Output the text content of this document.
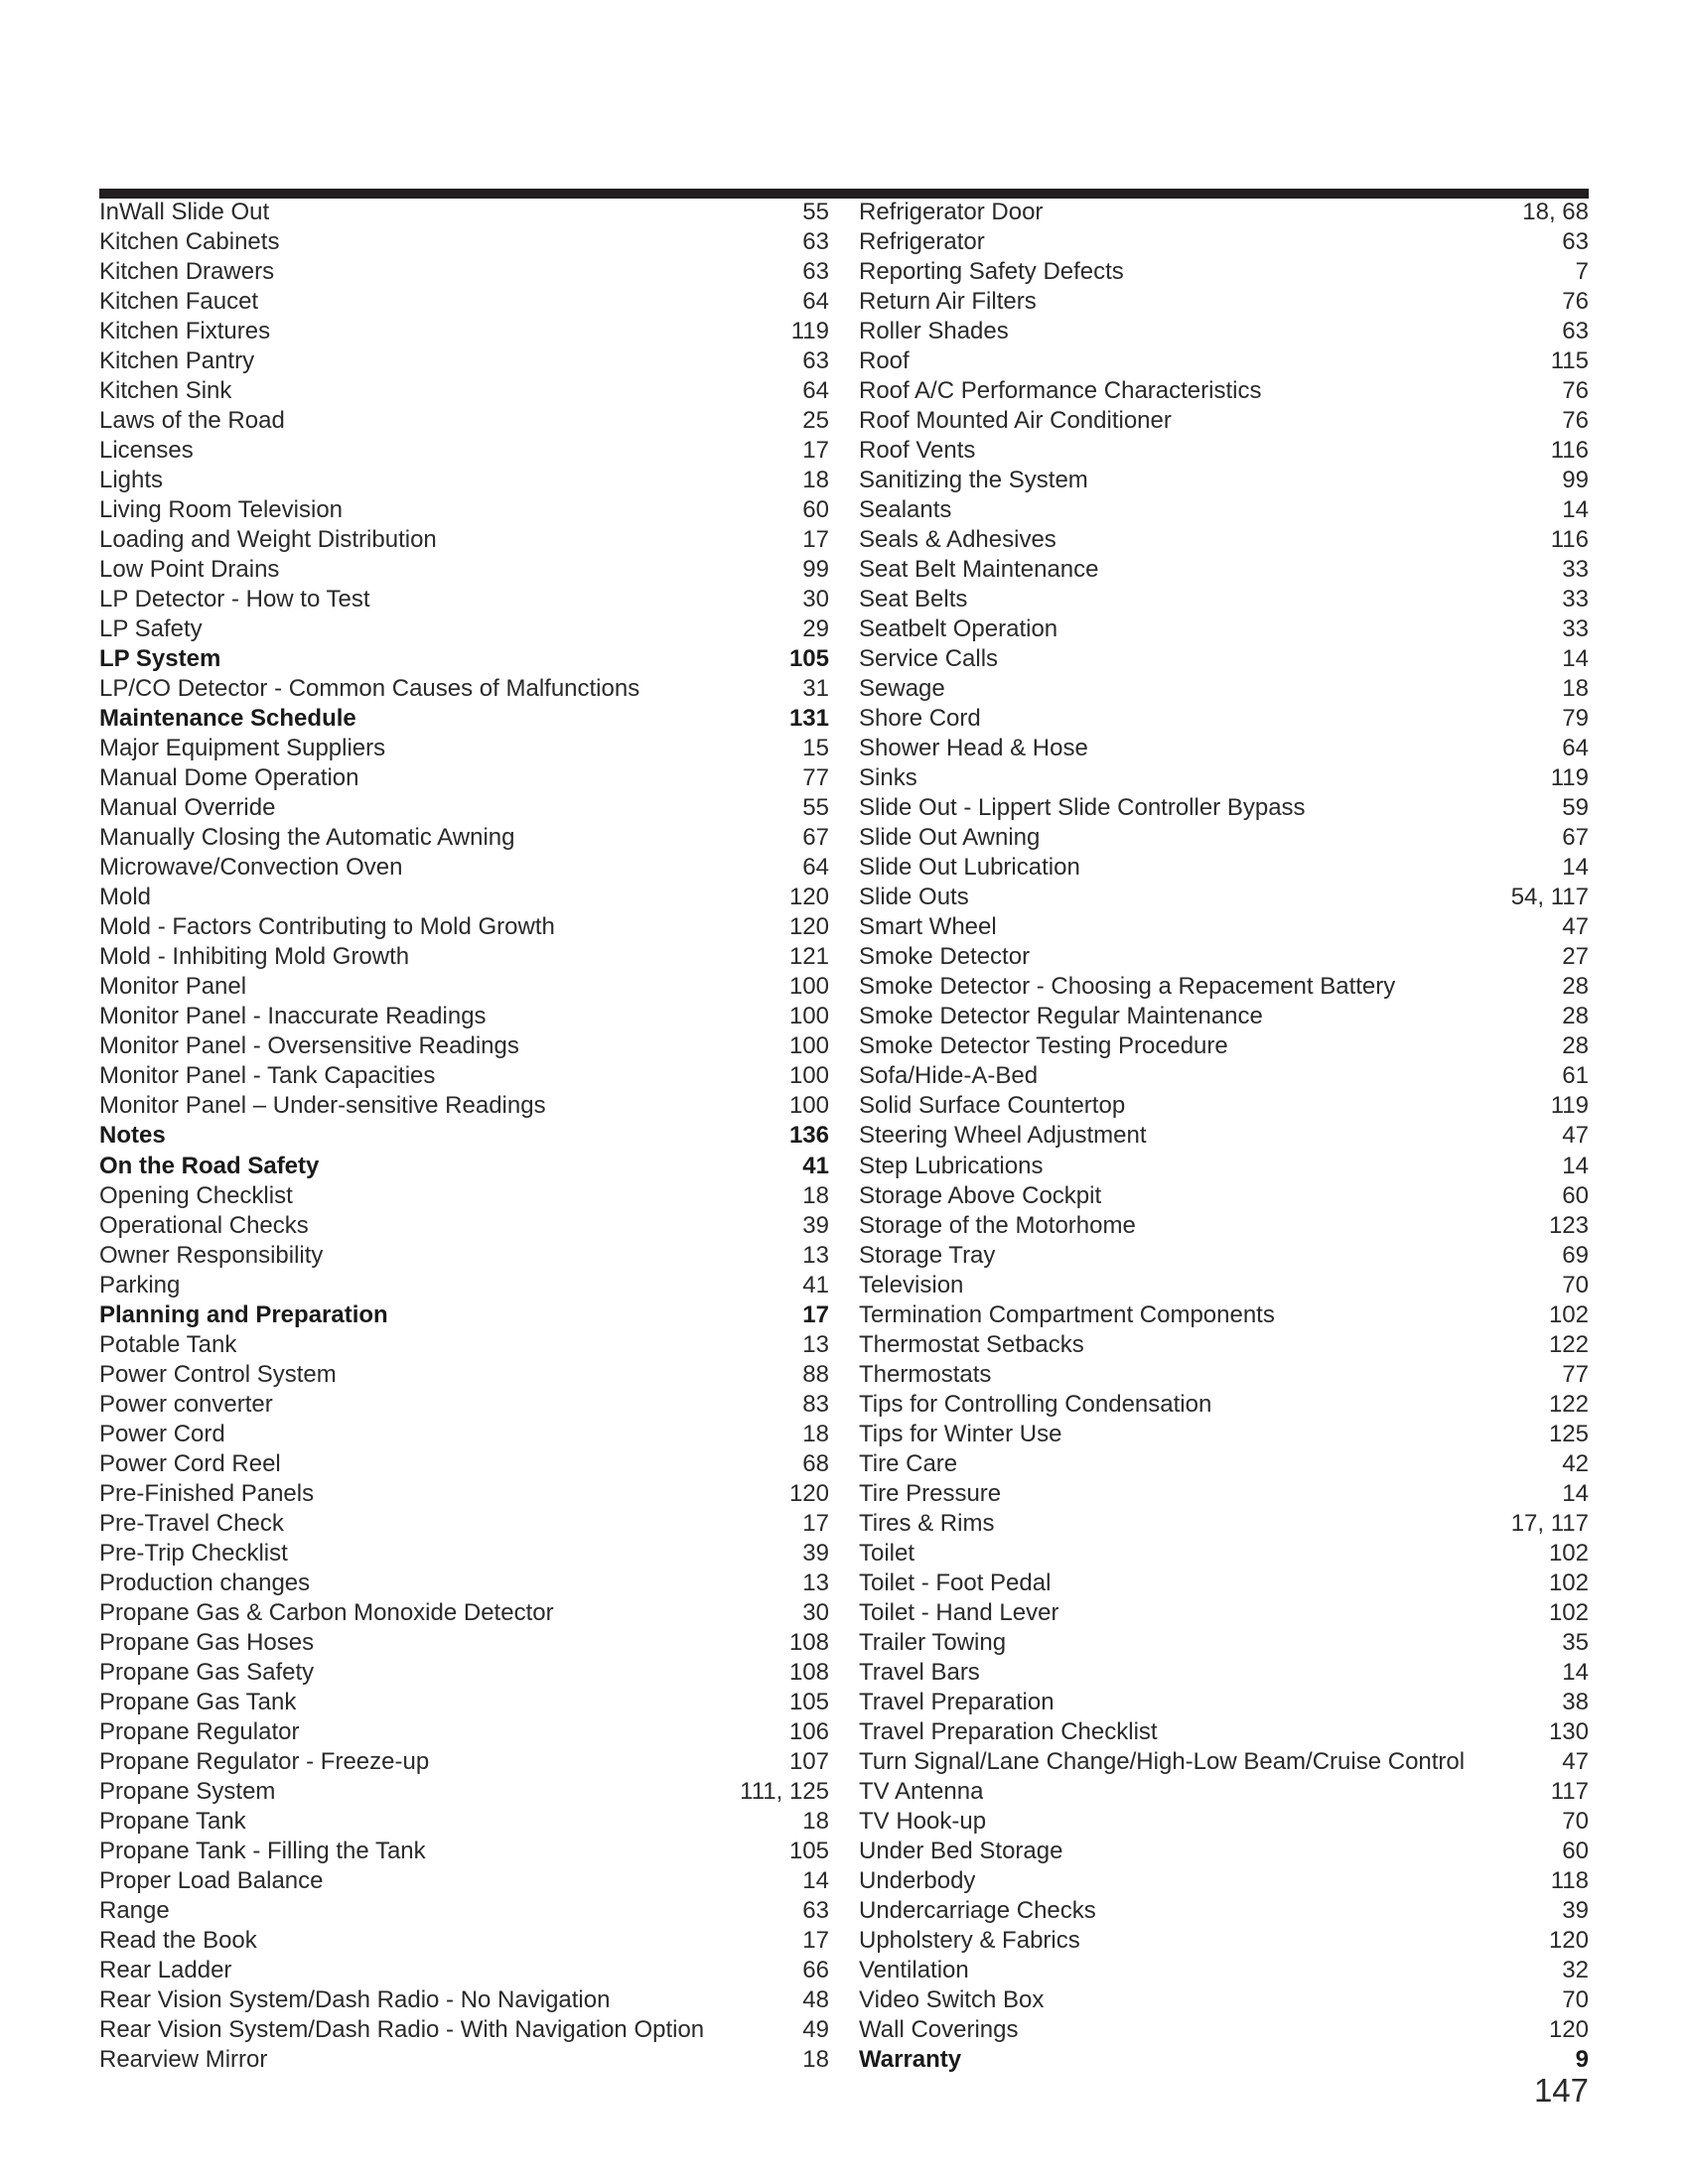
InWall Slide Out	55
Kitchen Cabinets	63
Kitchen Drawers	63
Kitchen Faucet	64
Kitchen Fixtures	119
Kitchen Pantry	63
Kitchen Sink	64
Laws of the Road	25
Licenses	17
Lights	18
Living Room Television	60
Loading and Weight Distribution	17
Low Point Drains	99
LP Detector - How to Test	30
LP Safety	29
LP System	105
LP/CO Detector - Common Causes of Malfunctions	31
Maintenance Schedule	131
Major Equipment Suppliers	15
Manual Dome Operation	77
Manual Override	55
Manually Closing the Automatic Awning	67
Microwave/Convection Oven	64
Mold	120
Mold - Factors Contributing to Mold Growth	120
Mold - Inhibiting Mold Growth	121
Monitor Panel	100
Monitor Panel - Inaccurate Readings	100
Monitor Panel - Oversensitive Readings	100
Monitor Panel - Tank Capacities	100
Monitor Panel – Under-sensitive Readings	100
Notes	136
On the Road Safety	41
Opening Checklist	18
Operational Checks	39
Owner Responsibility	13
Parking	41
Planning and Preparation	17
Potable Tank	13
Power Control System	88
Power converter	83
Power Cord	18
Power Cord Reel	68
Pre-Finished Panels	120
Pre-Travel Check	17
Pre-Trip Checklist	39
Production changes	13
Propane Gas & Carbon Monoxide Detector	30
Propane Gas Hoses	108
Propane Gas Safety	108
Propane Gas Tank	105
Propane Regulator	106
Propane Regulator - Freeze-up	107
Propane System	111, 125
Propane Tank	18
Propane Tank - Filling the Tank	105
Proper Load Balance	14
Range	63
Read the Book	17
Rear Ladder	66
Rear Vision System/Dash Radio - No Navigation	48
Rear Vision System/Dash Radio - With Navigation Option	49
Rearview Mirror	18
Refrigerator Door	18, 68
Refrigerator	63
Reporting Safety Defects	7
Return Air Filters	76
Roller Shades	63
Roof	115
Roof A/C Performance Characteristics	76
Roof Mounted Air Conditioner	76
Roof Vents	116
Sanitizing the System	99
Sealants	14
Seals & Adhesives	116
Seat Belt Maintenance	33
Seat Belts	33
Seatbelt Operation	33
Service Calls	14
Sewage	18
Shore Cord	79
Shower Head & Hose	64
Sinks	119
Slide Out - Lippert Slide Controller Bypass	59
Slide Out Awning	67
Slide Out Lubrication	14
Slide Outs	54, 117
Smart Wheel	47
Smoke Detector	27
Smoke Detector - Choosing a Repacement Battery	28
Smoke Detector Regular Maintenance	28
Smoke Detector Testing Procedure	28
Sofa/Hide-A-Bed	61
Solid Surface Countertop	119
Steering Wheel Adjustment	47
Step Lubrications	14
Storage Above Cockpit	60
Storage of the Motorhome	123
Storage Tray	69
Television	70
Termination Compartment Components	102
Thermostat Setbacks	122
Thermostats	77
Tips for Controlling Condensation	122
Tips for Winter Use	125
Tire Care	42
Tire Pressure	14
Tires & Rims	17, 117
Toilet	102
Toilet - Foot Pedal	102
Toilet - Hand Lever	102
Trailer Towing	35
Travel Bars	14
Travel Preparation	38
Travel Preparation Checklist	130
Turn Signal/Lane Change/High-Low Beam/Cruise Control	47
TV Antenna	117
TV Hook-up	70
Under Bed Storage	60
Underbody	118
Undercarriage Checks	39
Upholstery & Fabrics	120
Ventilation	32
Video Switch Box	70
Wall Coverings	120
Warranty	9
147
